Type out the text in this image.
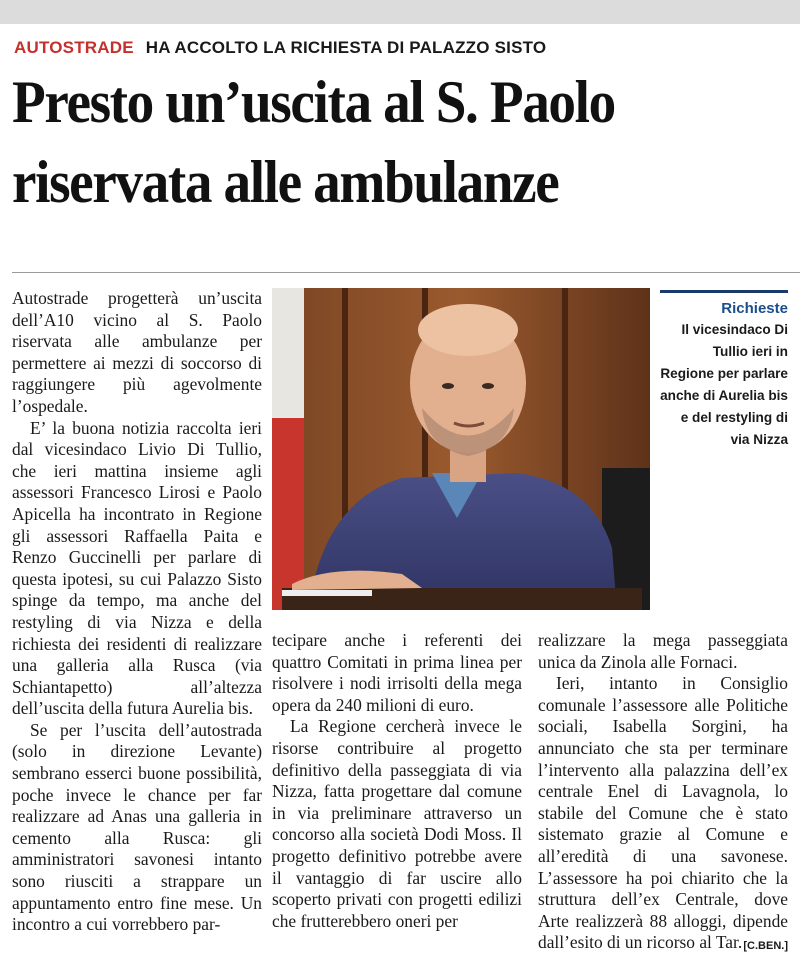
AUTOSTRADE HA ACCOLTO LA RICHIESTA DI PALAZZO SISTO
Presto un’uscita al S. Paolo
riservata alle ambulanze

Autostrade progetterà un’uscita dell’A10 vicino al S. Paolo riservata alle ambulanze per permettere ai mezzi di soccorso di raggiungere più agevolmente l’ospedale.

E’ la buona notizia raccolta ieri dal vicesindaco Livio Di Tullio, che ieri mattina insieme agli assessori Francesco Lirosi e Paolo Apicella ha incontrato in Regione gli assessori Raffaella Paita e Renzo Guccinelli per parlare di questa ipotesi, su cui Palazzo Sisto spinge da tempo, ma anche del restyling di via Nizza e della richiesta dei residenti di realizzare una galleria alla Rusca (via Schiantapetto) all’altezza dell’uscita della futura Aurelia bis.

Se per l’uscita dell’autostrada (solo in direzione Levante) sembrano esserci buone possibilità, poche invece le chance per far realizzare ad Anas una galleria in cemento alla Rusca: gli amministratori savonesi intanto sono riusciti a strappare un appuntamento entro fine mese. Un incontro a cui vorrebbero par-

Richieste
Il vicesindaco Di Tullio ieri in Regione per parlare anche di Aurelia bis e del restyling di via Nizza

tecipare anche i referenti dei quattro Comitati in prima linea per risolvere i nodi irrisolti della mega opera da 240 milioni di euro.

La Regione cercherà invece le risorse contribuire al progetto definitivo della passeggiata di via Nizza, fatta progettare dal comune in via preliminare attraverso un concorso alla società Dodi Moss. Il progetto definitivo potrebbe avere il vantaggio di far uscire allo scoperto privati con progetti edilizi che frutterebbero oneri per

realizzare la mega passeggiata unica da Zinola alle Fornaci.

Ieri, intanto in Consiglio comunale l’assessore alle Politiche sociali, Isabella Sorgini, ha annunciato che sta per terminare l’intervento alla palazzina dell’ex centrale Enel di Lavagnola, lo stabile del Comune che è stato sistemato grazie al Comune e all’eredità di una savonese. L’assessore ha poi chiarito che la struttura dell’ex Centrale, dove Arte realizzerà 88 alloggi, dipende dall’esito di un ricorso al Tar. [C.BEN.]
